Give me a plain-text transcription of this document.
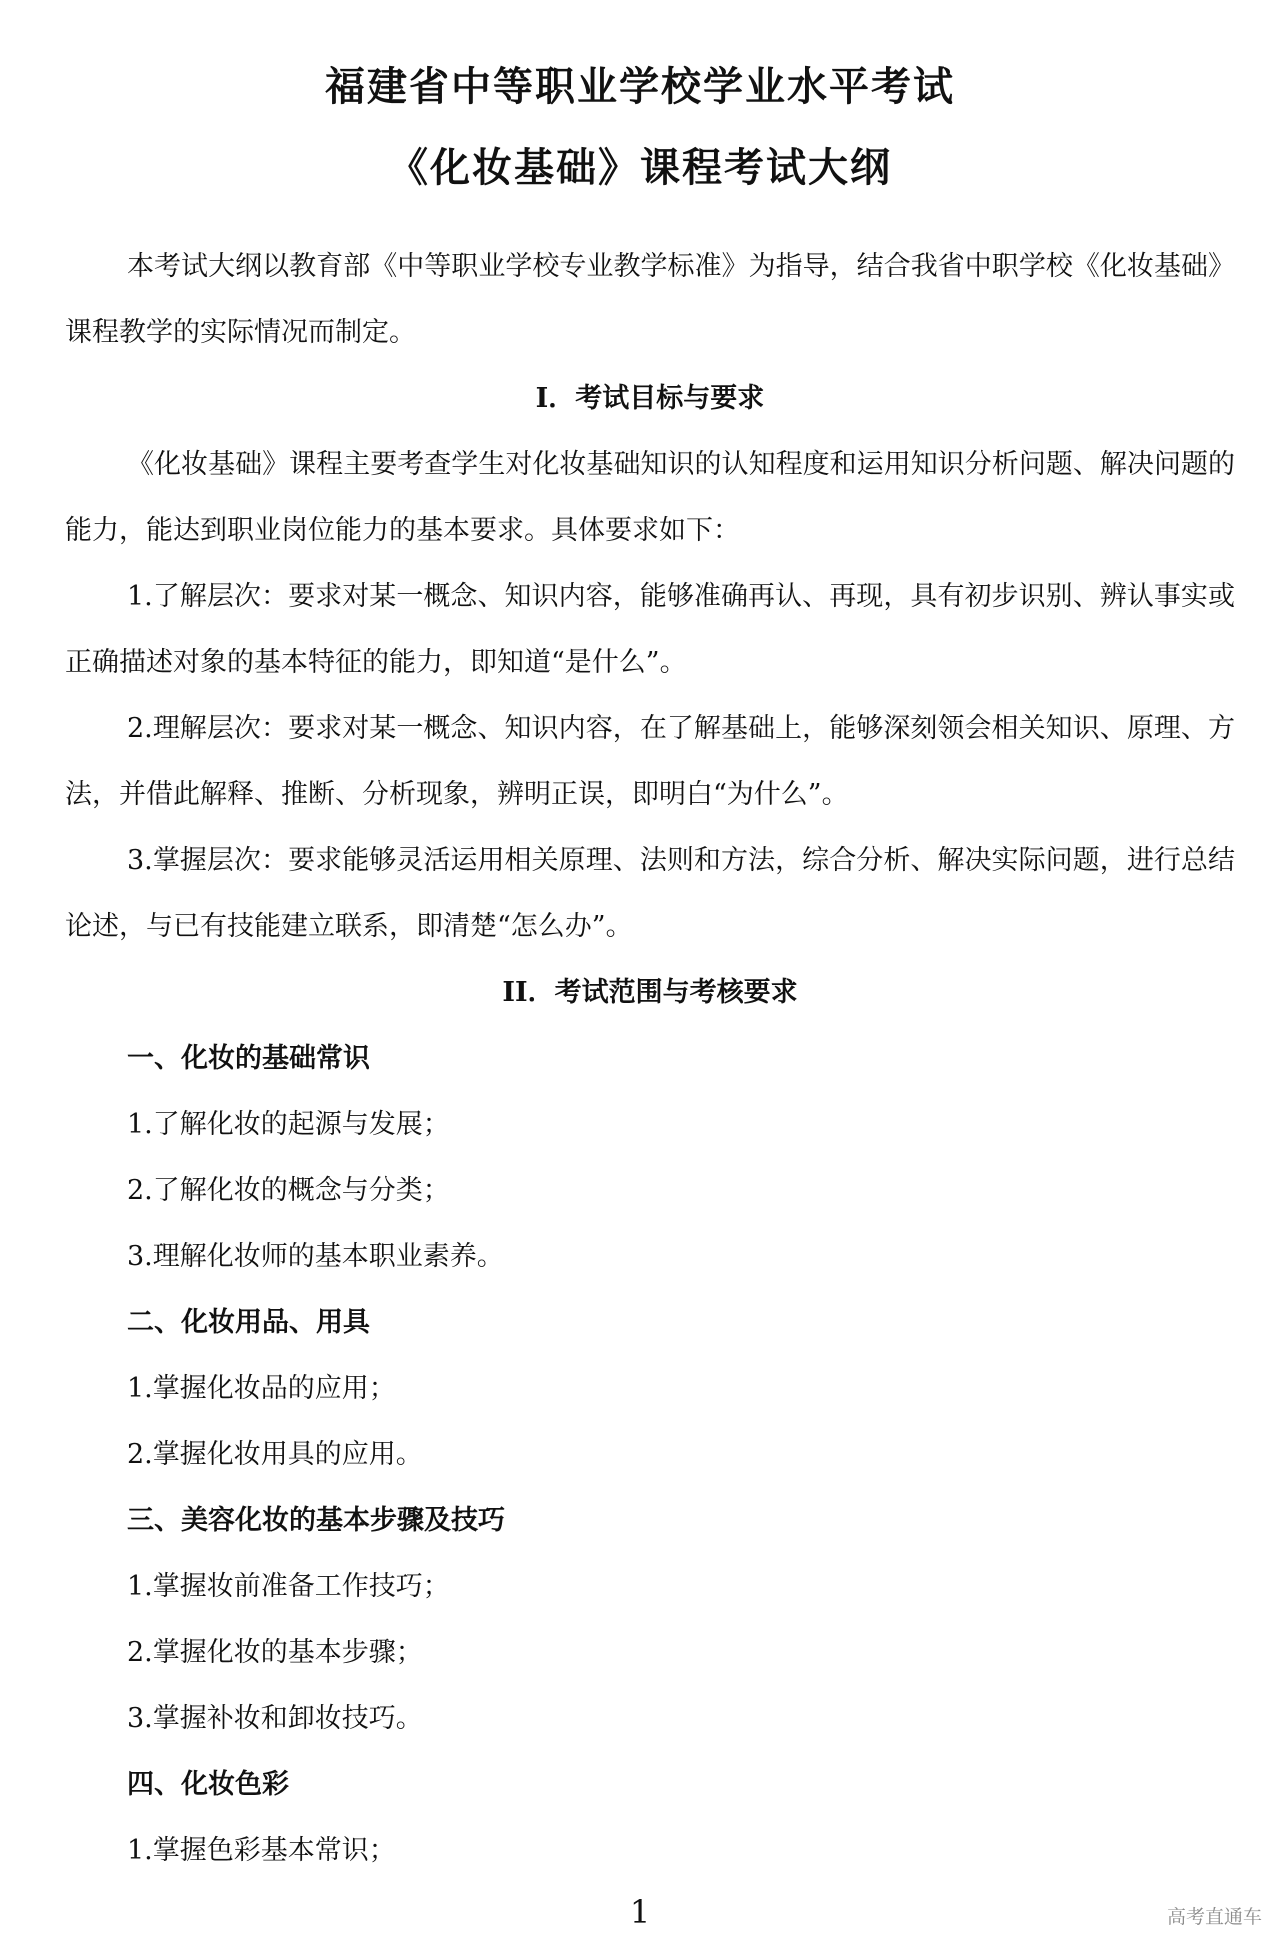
福建省中等职业学校学业水平考试
《化妆基础》课程考试大纲

本考试大纲以教育部《中等职业学校专业教学标准》为指导，结合我省中职学校《化妆基础》课程教学的实际情况而制定。

I．考试目标与要求

《化妆基础》课程主要考查学生对化妆基础知识的认知程度和运用知识分析问题、解决问题的能力，能达到职业岗位能力的基本要求。具体要求如下：

1.了解层次：要求对某一概念、知识内容，能够准确再认、再现，具有初步识别、辨认事实或正确描述对象的基本特征的能力，即知道“是什么”。

2.理解层次：要求对某一概念、知识内容，在了解基础上，能够深刻领会相关知识、原理、方法，并借此解释、推断、分析现象，辨明正误，即明白“为什么”。

3.掌握层次：要求能够灵活运用相关原理、法则和方法，综合分析、解决实际问题，进行总结论述，与已有技能建立联系，即清楚“怎么办”。

II．考试范围与考核要求
一、化妆的基础常识

1.了解化妆的起源与发展；

2.了解化妆的概念与分类；

3.理解化妆师的基本职业素养。

二、化妆用品、用具

1.掌握化妆品的应用；

2.掌握化妆用具的应用。

三、美容化妆的基本步骤及技巧

1.掌握妆前准备工作技巧；

2.掌握化妆的基本步骤；

3.掌握补妆和卸妆技巧。

四、化妆色彩

1.掌握色彩基本常识；

1	高考直通车
